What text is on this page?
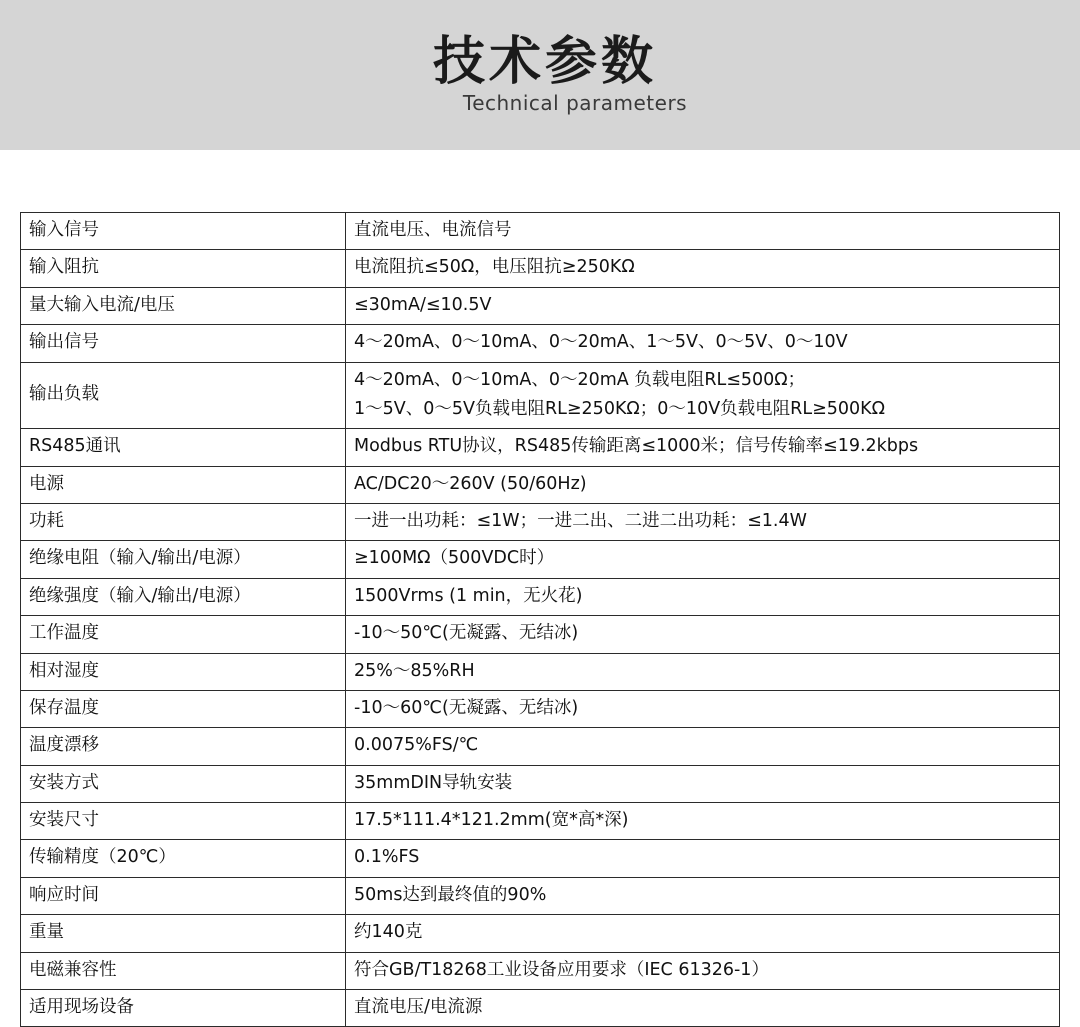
技术参数
Technical parameters
输入信号	直流电压、电流信号
输入阻抗	电流阻抗≤50Ω，电压阻抗≥250KΩ
量大输入电流/电压	≤30mA/≤10.5V
输出信号	4～20mA、0～10mA、0～20mA、1～5V、0～5V、0～10V
输出负载	4～20mA、0～10mA、0～20mA 负载电阻RL≤500Ω；
1～5V、0～5V负载电阻RL≥250KΩ；0～10V负载电阻RL≥500KΩ

RS485通讯	Modbus RTU协议，RS485传输距离≤1000米；信号传输率≤19.2kbps
电源	AC/DC20～260V (50/60Hz)
功耗	一进一出功耗：≤1W；一进二出、二进二出功耗：≤1.4W
绝缘电阻（输入/输出/电源）	≥100MΩ（500VDC时）
绝缘强度（输入/输出/电源）	1500Vrms (1 min，无火花)
工作温度	-10～50℃(无凝露、无结冰)
相对湿度	25%～85%RH
保存温度	-10～60℃(无凝露、无结冰)
温度漂移	0.0075%FS/℃
安装方式	35mmDIN导轨安装
安装尺寸	17.5*111.4*121.2mm(宽*高*深)
传输精度（20℃）	0.1%FS
响应时间	50ms达到最终值的90%
重量	约140克
电磁兼容性	符合GB/T18268工业设备应用要求（IEC 61326-1）
适用现场设备	直流电压/电流源
